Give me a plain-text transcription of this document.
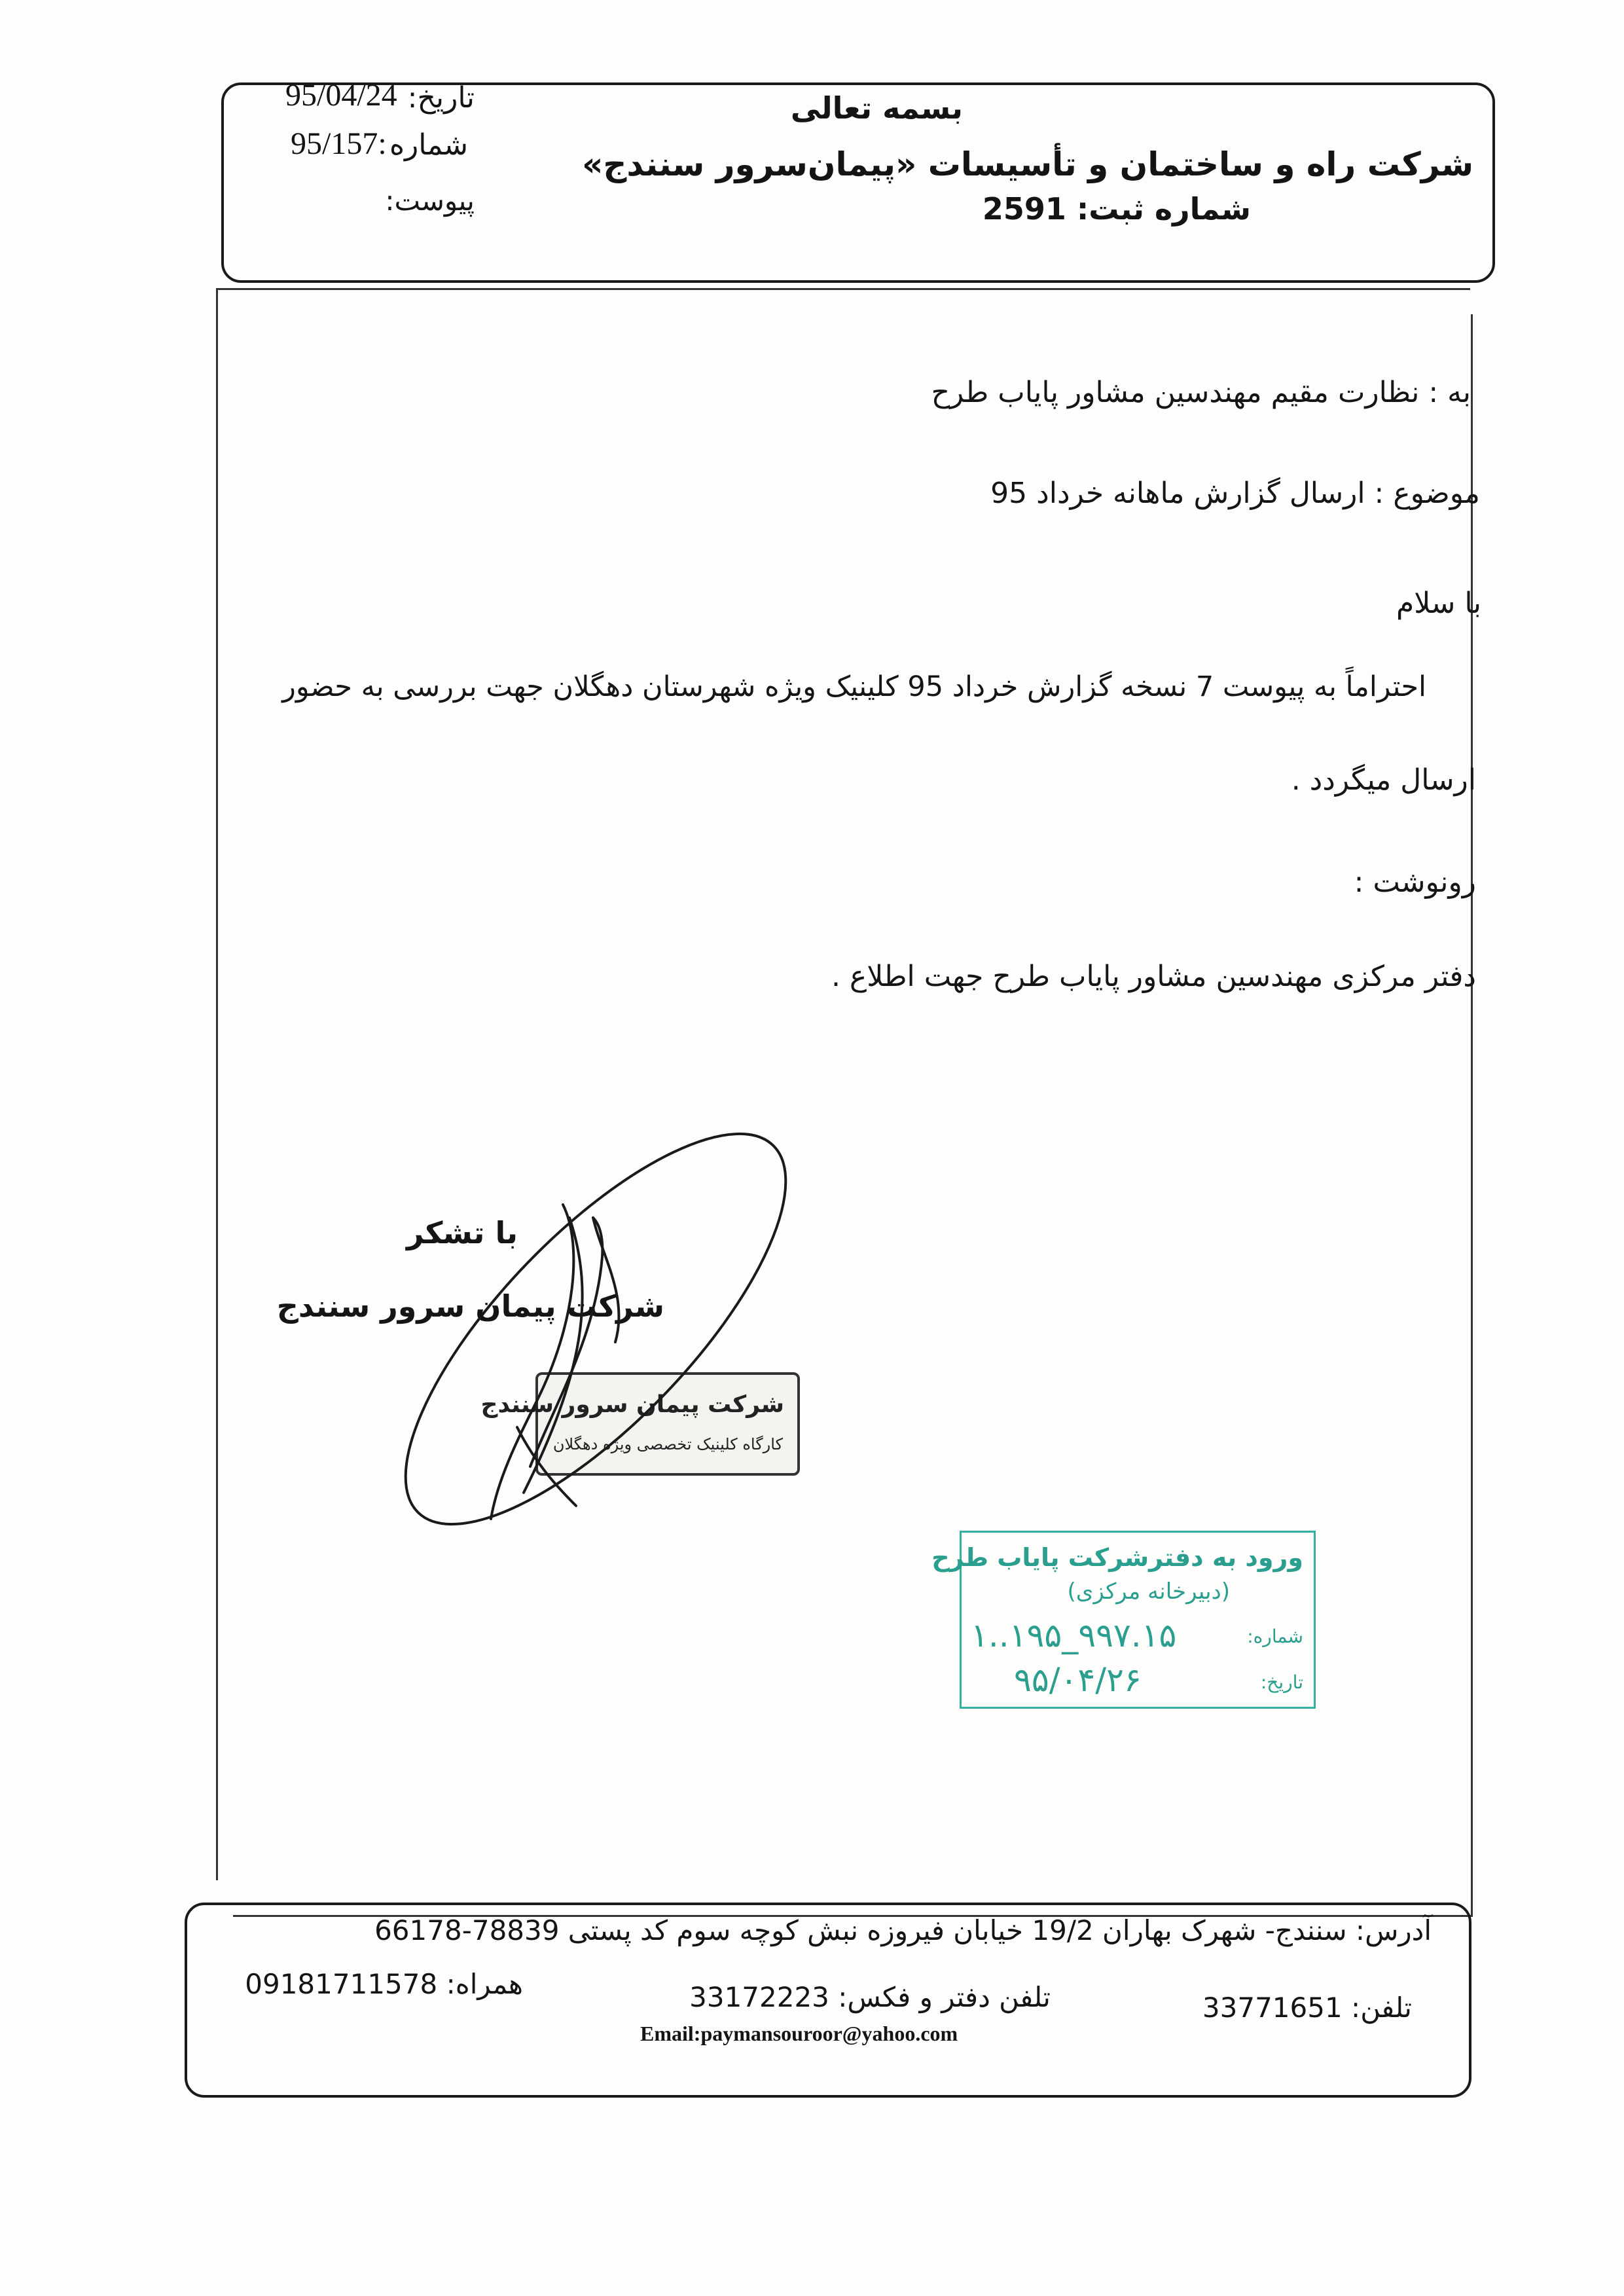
تاریخ:
95/04/24
شماره
95/157:
پیوست:
بسمه تعالی
شرکت راه و ساختمان و تأسیسات «پیمان‌سرور سنندج»
شماره ثبت: 2591
به : نظارت مقیم مهندسین مشاور پایاب طرح
موضوع : ارسال گزارش ماهانه خرداد 95
با سلام
احتراماً به پیوست 7 نسخه گزارش خرداد 95 کلینیک ویژه شهرستان دهگلان جهت بررسی به حضور
ارسال میگردد .
رونوشت :
دفتر مرکزی مهندسین مشاور پایاب طرح جهت اطلاع .
با تشکر
شرکت پیمان سرور سنندج
شرکت پیمان سرور سنندج
کارگاه کلینیک تخصصی ویژه دهگلان
ورود به دفترشرکت پایاب طرح
(دبیرخانه مرکزی)
شماره:
۱..۱۹۵_۹۹۷.۱۵
تاریخ:
۹۵/۰۴/۲۶
آدرس: سنندج- شهرک بهاران 19/2 خیابان فیروزه نبش کوچه سوم کد پستی 78839-66178
تلفن: 33771651
تلفن دفتر و فکس: 33172223
همراه: 09181711578
Email:paymansouroor@yahoo.com
